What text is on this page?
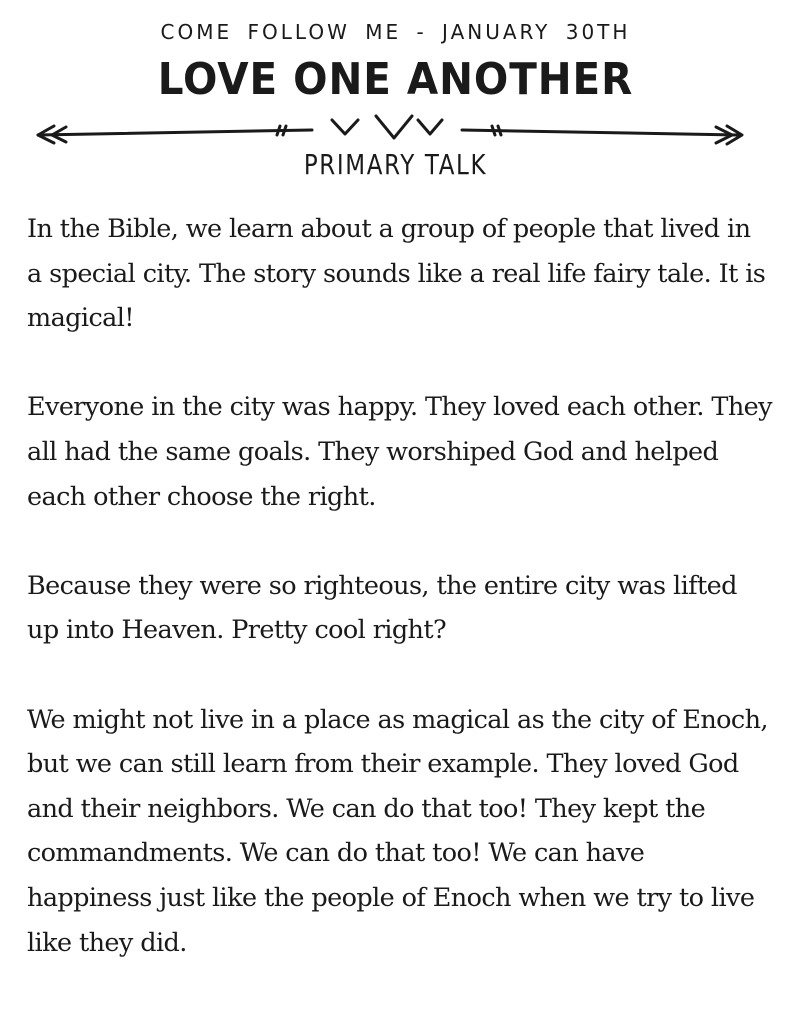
COME FOLLOW ME - JANUARY 30TH
LOVE ONE ANOTHER
PRIMARY TALK

In the Bible, we learn about a group of people that lived in a special city. The story sounds like a real life fairy tale. It is magical!

Everyone in the city was happy. They loved each other. They all had the same goals. They worshiped God and helped each other choose the right.

Because they were so righteous, the entire city was lifted up into Heaven. Pretty cool right?

We might not live in a place as magical as the city of Enoch, but we can still learn from their example. They loved God and their neighbors. We can do that too! They kept the commandments. We can do that too! We can have happiness just like the people of Enoch when we try to live like they did.
